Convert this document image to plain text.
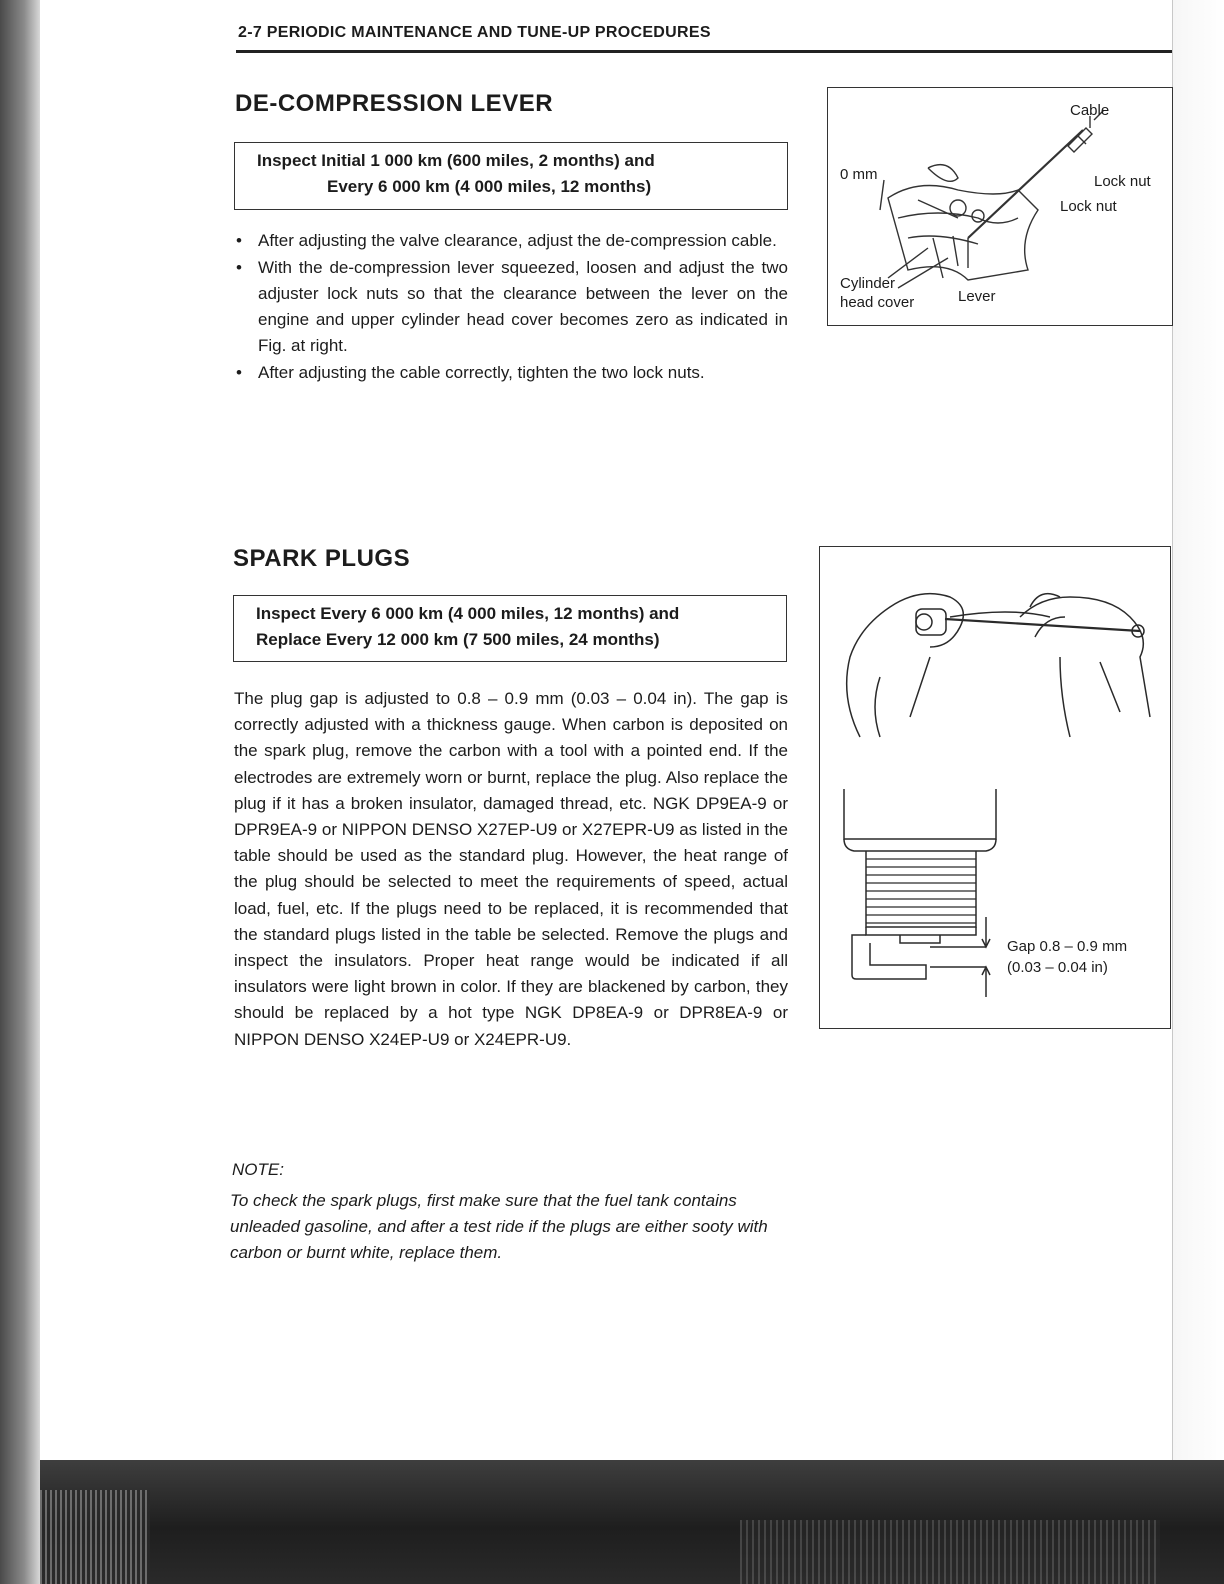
2-7 PERIODIC MAINTENANCE AND TUNE-UP PROCEDURES
DE-COMPRESSION LEVER
Inspect Initial 1 000 km (600 miles, 2 months) and
Every 6 000 km (4 000 miles, 12 months)
• After adjusting the valve clearance, adjust the de-compression cable.
• With the de-compression lever squeezed, loosen and adjust the two adjuster lock nuts so that the clearance between the lever on the engine and upper cylinder head cover becomes zero as indicated in Fig. at right.
• After adjusting the cable correctly, tighten the two lock nuts.
Cable
0 mm	Lock nut
Lock nut
Cylinder
head cover	Lever
SPARK PLUGS
Inspect Every 6 000 km (4 000 miles, 12 months) and
Replace Every 12 000 km (7 500 miles, 24 months)

The plug gap is adjusted to 0.8 – 0.9 mm (0.03 – 0.04 in). The gap is correctly adjusted with a thickness gauge. When carbon is deposited on the spark plug, remove the carbon with a tool with a pointed end. If the electrodes are extremely worn or burnt, replace the plug. Also replace the plug if it has a broken insulator, damaged thread, etc. NGK DP9EA-9 or DPR9EA-9 or NIPPON DENSO X27EP-U9 or X27EPR-U9 as listed in the table should be used as the standard plug. However, the heat range of the plug should be selected to meet the requirements of speed, actual load, fuel, etc. If the plugs need to be replaced, it is recommended that the standard plugs listed in the table be selected. Remove the plugs and inspect the insulators. Proper heat range would be indicated if all insulators were light brown in color. If they are blackened by carbon, they should be replaced by a hot type NGK DP8EA-9 or DPR8EA-9 or NIPPON DENSO X24EP-U9 or X24EPR-U9.

NOTE:

To check the spark plugs, first make sure that the fuel tank contains unleaded gasoline, and after a test ride if the plugs are either sooty with carbon or burnt white, replace them.

Gap 0.8 – 0.9 mm
(0.03 – 0.04 in)
